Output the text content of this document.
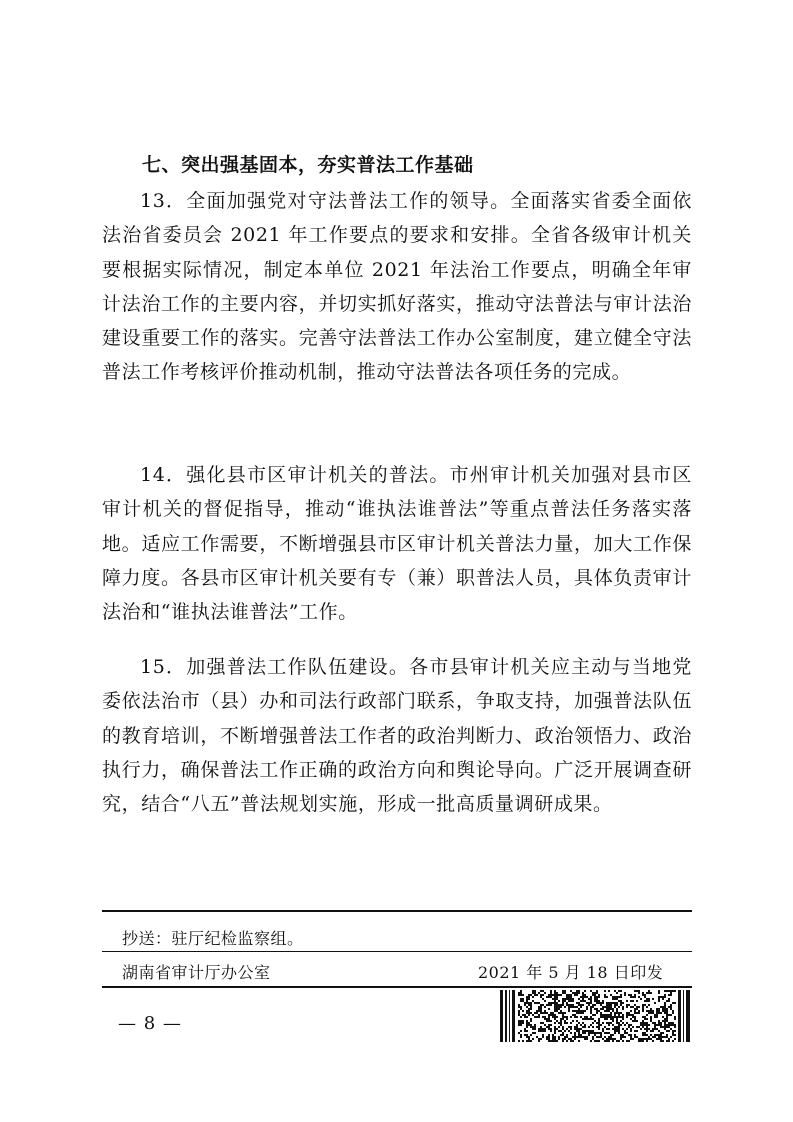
七、突出强基固本，夯实普法工作基础

13．全面加强党对守法普法工作的领导。全面落实省委全面依法治省委员会 2021 年工作要点的要求和安排。全省各级审计机关要根据实际情况，制定本单位 2021 年法治工作要点，明确全年审计法治工作的主要内容，并切实抓好落实，推动守法普法与审计法治建设重要工作的落实。完善守法普法工作办公室制度，建立健全守法普法工作考核评价推动机制，推动守法普法各项任务的完成。

14．强化县市区审计机关的普法。市州审计机关加强对县市区审计机关的督促指导，推动“谁执法谁普法”等重点普法任务落实落地。适应工作需要，不断增强县市区审计机关普法力量，加大工作保障力度。各县市区审计机关要有专（兼）职普法人员，具体负责审计法治和“谁执法谁普法”工作。

15．加强普法工作队伍建设。各市县审计机关应主动与当地党委依法治市（县）办和司法行政部门联系，争取支持，加强普法队伍的教育培训，不断增强普法工作者的政治判断力、政治领悟力、政治执行力，确保普法工作正确的政治方向和舆论导向。广泛开展调查研究，结合“八五”普法规划实施，形成一批高质量调研成果。

抄送：驻厅纪检监察组。
湖南省审计厅办公室	2021 年 5 月 18 日印发
— 8 —
